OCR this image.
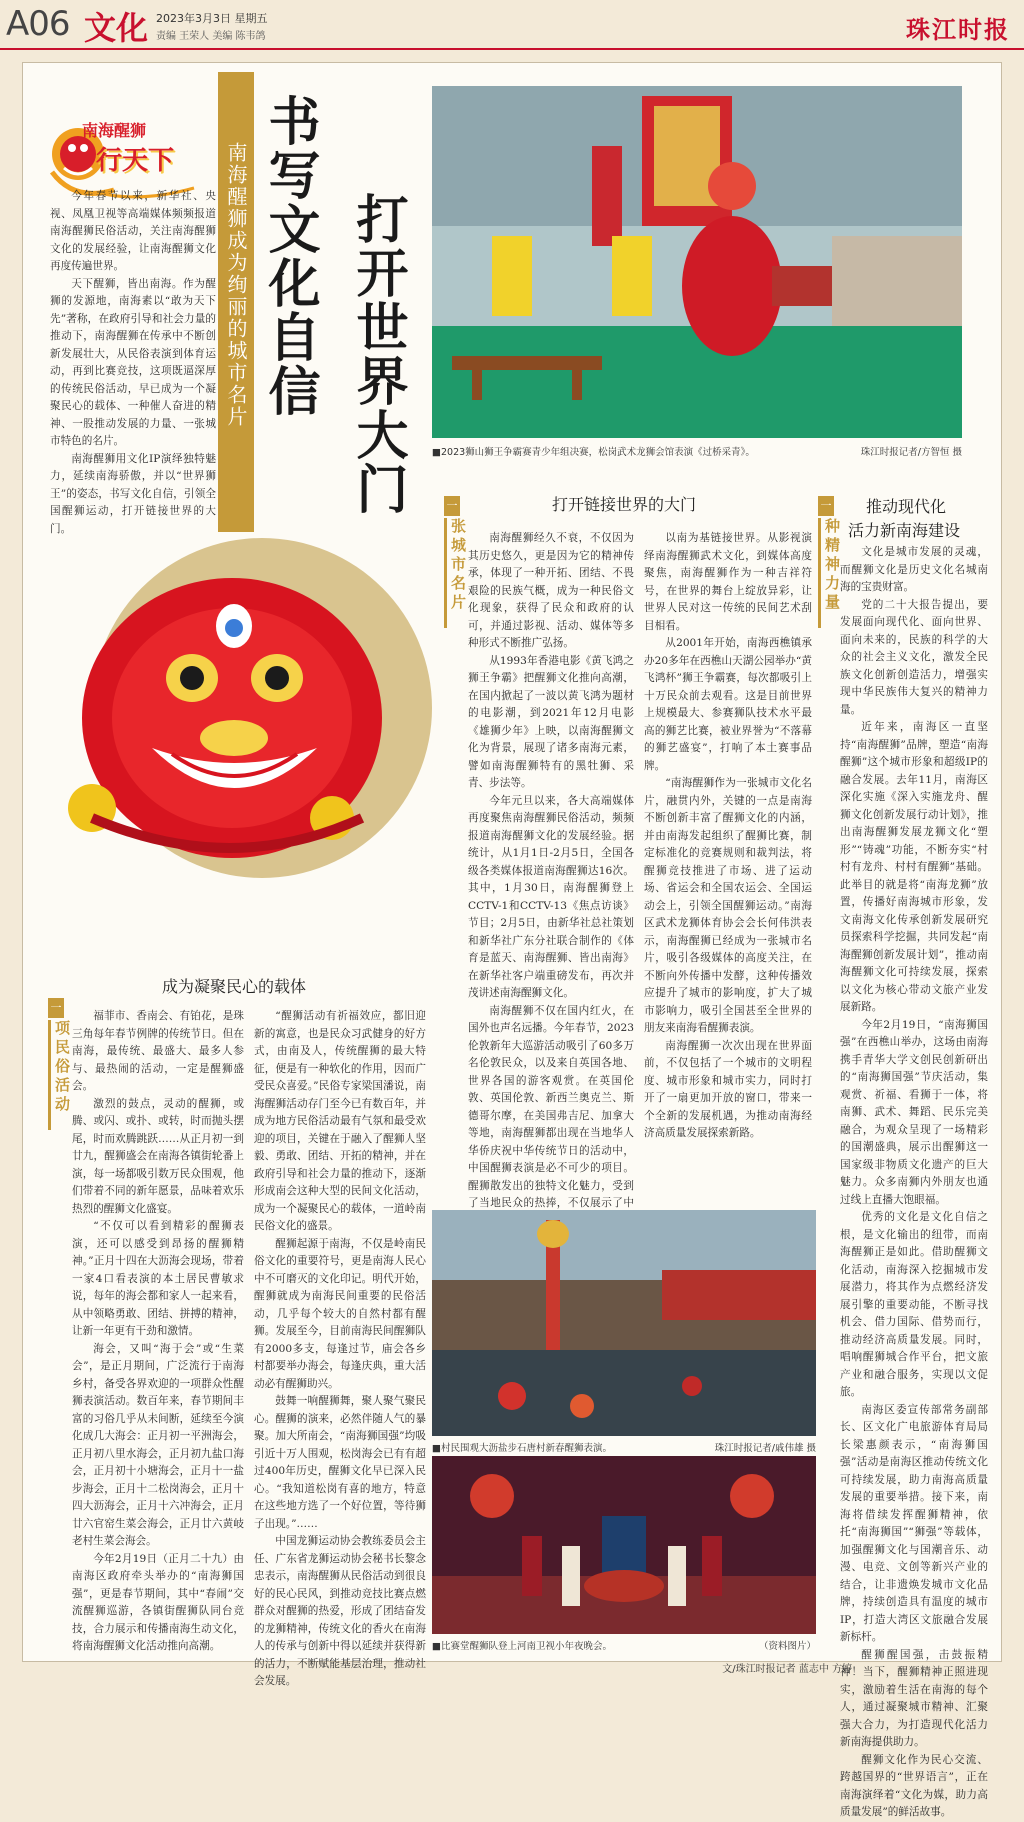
A06 文化 2023年3月3日 星期五
责编 王荣人 美编 陈韦鸽	珠江时报
南海醒狮
行天下

今年春节以来，新华社、央视、凤凰卫视等高端媒体频频报道南海醒狮民俗活动，关注南海醒狮文化的发展经验，让南海醒狮文化再度传遍世界。

天下醒狮，皆出南海。作为醒狮的发源地，南海素以“敢为天下先”著称，在政府引导和社会力量的推动下，南海醒狮在传承中不断创新发展壮大，从民俗表演到体育运动，再到比赛竞技，这项既逼深厚的传统民俗活动，早已成为一个凝聚民心的载体、一种催人奋进的精神、一股推动发展的力量、一张城市特色的名片。

南海醒狮用文化IP演绎独特魅力，延续南海骄傲，并以“世界狮王”的姿态，书写文化自信，引领全国醒狮运动，打开链接世界的大门。

南海醒狮成为绚丽的城市名片 书写文化自信 打开世界大门	■2023狮山狮王争霸赛青少年组决赛，松岗武术龙狮会馆表演《过桥采青》。	珠江时报记者/方智恒 摄
打开链接世界的大门
一
张城市名片	南海醒狮经久不衰，不仅因为其历史悠久，更是因为它的精神传承，体现了一种开拓、团结、不畏艰险的民族气概，成为一种民俗文化现象，获得了民众和政府的认可，并通过影视、活动、媒体等多种形式不断推广弘扬。

从1993年香港电影《黄飞鸿之狮王争霸》把醒狮文化推向高潮，在国内掀起了一波以黄飞鸿为题材的电影潮，到2021年12月电影《雄狮少年》上映，以南海醒狮文化为背景，展现了诸多南海元素，譬如南海醒狮特有的黑牡狮、采青、步法等。

今年元旦以来，各大高端媒体再度聚焦南海醒狮民俗活动，频频报道南海醒狮文化的发展经验。据统计，从1月1日-2月5日，全国各级各类媒体报道南海醒狮达16次。其中，1月30日，南海醒狮登上CCTV-1和CCTV-13《焦点访谈》节目；2月5日，由新华社总社策划和新华社广东分社联合制作的《体育是蓝天、南海醒狮、皆出南海》在新华社客户端重磅发布，再次并茂讲述南海醒狮文化。

南海醒狮不仅在国内红火，在国外也声名远播。今年春节，2023伦敦新年大巡游活动吸引了60多万名伦敦民众，以及来自英国各地、世界各国的游客观赏。在英国伦敦、英国伦敦、新西兰奥克兰、斯德哥尔摩，在美国弗吉尼、加拿大等地，南海醒狮都出现在当地华人华侨庆祝中华传统节日的活动中，中国醒狮表演是必不可少的项目。醒狮散发出的独特文化魅力，受到了当地民众的热捧，不仅展示了中

以南为基链接世界。从影视演绎南海醒狮武术文化，到媒体高度聚焦，南海醒狮作为一种吉祥符号，在世界的舞台上绽放异彩，让世界人民对这一传统的民间艺术刮目相看。

从2001年开始，南海西樵镇承办20多年在西樵山天湖公园举办“黄飞鸿杯”狮王争霸赛，每次都吸引上十万民众前去观看。这是目前世界上规模最大、参赛狮队技术水平最高的狮艺比赛，被业界誉为“不落幕的狮艺盛宴”，打响了本土赛事品牌。

“南海醒狮作为一张城市文化名片，融贯内外，关键的一点是南海不断创新丰富了醒狮文化的内涵，并由南海发起组织了醒狮比赛，制定标准化的竞赛规则和裁判法，将醒狮竞技推进了市场、进了运动场、省运会和全国农运会、全国运动会上，引领全国醒狮运动。”南海区武术龙狮体育协会会长何伟洪表示，南海醒狮已经成为一张城市名片，吸引各级媒体的高度关注，在不断向外传播中发酵，这种传播效应提升了城市的影响度，扩大了城市影响力，吸引全国甚至全世界的朋友来南海看醒狮表演。

南海醒狮一次次出现在世界面前，不仅包括了一个城市的文明程度、城市形象和城市实力，同时打开了一扇更加开放的窗口，带来一个全新的发展机遇，为推动南海经济高质量发展探索新路。

推动现代化
活力新南海建设
一
种精神力量	文化是城市发展的灵魂，而醒狮文化是历史文化名城南海的宝贵财富。

党的二十大报告提出，要发展面向现代化、面向世界、面向未来的，民族的科学的大众的社会主义文化，激发全民族文化创新创造活力，增强实现中华民族伟大复兴的精神力量。

近年来，南海区一直坚持“南海醒狮”品牌，塑造“南海醒狮”这个城市形象和超级IP的融合发展。去年11月，南海区深化实施《深入实施龙舟、醒狮文化创新发展行动计划》，推出南海醒狮发展龙狮文化“塑形”“铸魂”功能，不断夯实“村村有龙舟、村村有醒狮”基础。此举目的就是将“南海龙狮”放置，传播好南海城市形象，发文南海文化传承创新发展研究员探索科学挖掘，共同发起“南海醒狮创新发展计划”，推动南海醒狮文化可持续发展，探索以文化为核心带动文旅产业发展新路。

今年2月19日，“南海狮国强”在西樵山举办，这场由南海携手青华大学文创民创新研出的“南海狮国强”节庆活动，集观赏、祈福、看狮于一体，将南狮、武术、舞蹈、民乐完美融合，为观众呈现了一场精彩的国潮盛典，展示出醒狮这一国家级非物质文化遗产的巨大魅力。众多南狮内外朋友也通过线上直播大饱眼福。

优秀的文化是文化自信之根，是文化输出的纽带，而南海醒狮正是如此。借助醒狮文化活动，南海深入挖掘城市发展潜力，将其作为点燃经济发展引擎的重要动能，不断寻找机会、借力国际、借势而行，推动经济高质量发展。同时，唱响醒狮城合作平台，把文旅产业和融合服务，实现以文促旅。

南海区委宣传部常务副部长、区文化广电旅游体育局局长梁惠颜表示，“南海狮国强”活动是南海区推动传统文化可持续发展，助力南海高质量发展的重要举措。接下来，南海将借续发挥醒狮精神，依托“南海狮国”“狮强”等载体，加强醒狮文化与国潮音乐、动漫、电竞、文创等新兴产业的结合，让非遗焕发城市文化品牌，持续创造具有温度的城市IP，打造大湾区文旅融合发展新标杆。

醒狮醒国强，击鼓振精神！当下，醒狮精神正照进现实，激励着生活在南海的每个人，通过凝聚城市精神、汇聚强大合力，为打造现代化活力新南海提供助力。

醒狮文化作为民心交流、跨越国界的“世界语言”，正在南海演绎着“文化为媒，助力高质量发展”的鲜活故事。

成为凝聚民心的载体
一
项民俗活动

福菲市、香南会、有铂花，是珠三角每年春节例牌的传统节日。但在南海，最传统、最盛大、最多人参与、最热闹的活动，一定是醒狮盛会。

激烈的鼓点，灵动的醒狮，或腾、或闪、或扑、或转，时而抛头摆尾，时而欢腾跳跃……从正月初一到廿九，醒狮盛会在南海各镇街轮番上演，每一场都吸引数万民众围观，他们带着不同的新年愿景，品味着欢乐热烈的醒狮文化盛宴。

“不仅可以看到精彩的醒狮表演，还可以感受到昂扬的醒狮精神。”正月十四在大沥海会现场，带着一家4口看表演的本土居民曹敏求说，每年的海会都和家人一起来看，从中领略勇敢、团结、拼搏的精神，让新一年更有干劲和激情。

海会，又叫“海于会”或“生菜会”，是正月期间，广泛流行于南海乡村，备受各界欢迎的一项群众性醒狮表演活动。数百年来，春节期间丰富的习俗几乎从未间断，延续至今演化成几大海会：正月初一平洲海会，正月初八里水海会，正月初九盐口海会，正月初十小塘海会，正月十一盐步海会，正月十二松岗海会，正月十四大沥海会，正月十六冲海会，正月廿六官窑生菜会海会，正月廿六黄岐老村生菜会海会。

今年2月19日（正月二十九）由南海区政府牵头举办的“南海狮国强”，更是春节期间，其中“春闹”交流醒狮巡游，各镇街醒狮队同台竞技，合力展示和传播南海生动文化，将南海醒狮文化活动推向高潮。

“醒狮活动有祈福效应，都旧迎新的寓意，也是民众习武健身的好方式，由南及人，传统醒狮的最大特征，便是有一种软化的作用，因而广受民众喜爱。”民俗专家梁国潘说，南海醒狮活动存门至今已有数百年，并成为地方民俗活动最有气氛和最受欢迎的项目，关键在于融入了醒狮人坚毅、勇敢、团结、开拓的精神，并在政府引导和社会力量的推动下，逐渐形成南会这种大型的民间文化活动，成为一个凝聚民心的载体，一道岭南民俗文化的盛景。

醒狮起源于南海，不仅是岭南民俗文化的重要符号，更是南海人民心中不可磨灭的文化印记。明代开始，醒狮就成为南海民间重要的民俗活动，几乎每个较大的自然村都有醒狮。发展至今，目前南海民间醒狮队有2000多支，每逢过节，庙会各乡村都要举办海会，每逢庆典，重大活动必有醒狮助兴。

鼓舞一响醒狮舞，聚人聚气聚民心。醒狮的演来，必然伴随人气的暴聚。加大所南会，“南海狮国强”均吸引近十万人围观，松岗海会已有有超过400年历史，醒狮文化早已深入民心。“我知道松岗有喜的地方，特意在这些地方选了一个好位置，等待狮子出现。”……

中国龙狮运动协会教练委员会主任、广东省龙狮运动协会秘书长黎念忠表示，南海醒狮从民俗活动到很良好的民心民风，到推动竞技比赛点燃群众对醒狮的热爱，形成了团结奋发的龙狮精神，传统文化的香火在南海人的传承与创新中得以延续并获得新的活力，不断赋能基层治理，推动社会发展。

■村民围观大沥盐步石唐村新春醒狮表演。	珠江时报记者/戚伟雄 摄
■比赛堂醒狮队登上河南卫视小年夜晚会。	（资料图片）
文/珠江时报记者 蓝志中 方婷
